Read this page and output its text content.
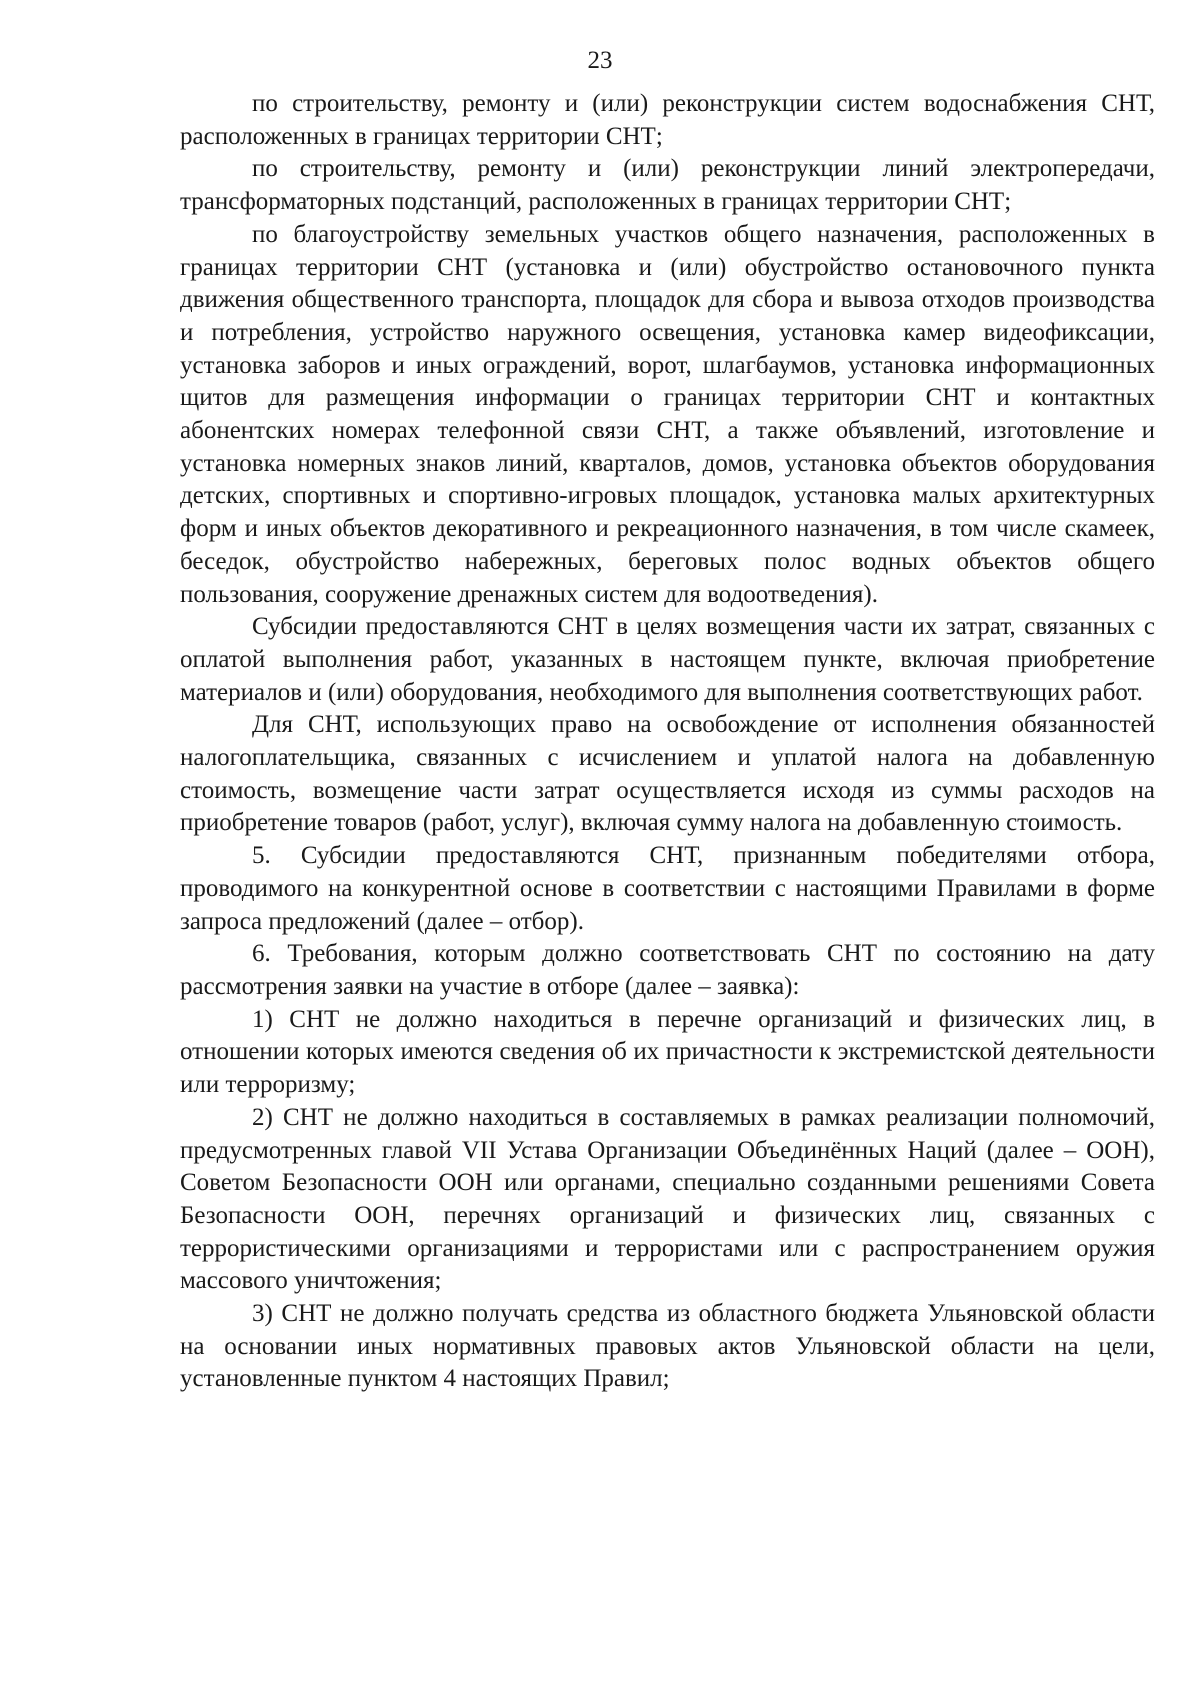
23

по строительству, ремонту и (или) реконструкции систем водоснабжения СНТ, расположенных в границах территории СНТ;

по строительству, ремонту и (или) реконструкции линий электропередачи, трансформаторных подстанций, расположенных в границах территории СНТ;

по благоустройству земельных участков общего назначения, расположенных в границах территории СНТ (установка и (или) обустройство остановочного пункта движения общественного транспорта, площадок для сбора и вывоза отходов производства и потребления, устройство наружного освещения, установка камер видеофиксации, установка заборов и иных ограждений, ворот, шлагбаумов, установка информационных щитов для размещения информации о границах территории СНТ и контактных абонентских номерах телефонной связи СНТ, а также объявлений, изготовление и установка номерных знаков линий, кварталов, домов, установка объектов оборудования детских, спортивных и спортивно-игровых площадок, установка малых архитектурных форм и иных объектов декоративного и рекреационного назначения, в том числе скамеек, беседок, обустройство набережных, береговых полос водных объектов общего пользования, сооружение дренажных систем для водоотведения).

Субсидии предоставляются СНТ в целях возмещения части их затрат, связанных с оплатой выполнения работ, указанных в настоящем пункте, включая приобретение материалов и (или) оборудования, необходимого для выполнения соответствующих работ.

Для СНТ, использующих право на освобождение от исполнения обязанностей налогоплательщика, связанных с исчислением и уплатой налога на добавленную стоимость, возмещение части затрат осуществляется исходя из суммы расходов на приобретение товаров (работ, услуг), включая сумму налога на добавленную стоимость.

5. Субсидии предоставляются СНТ, признанным победителями отбора, проводимого на конкурентной основе в соответствии с настоящими Правилами в форме запроса предложений (далее – отбор).

6. Требования, которым должно соответствовать СНТ по состоянию на дату рассмотрения заявки на участие в отборе (далее – заявка):

1) СНТ не должно находиться в перечне организаций и физических лиц, в отношении которых имеются сведения об их причастности к экстремистской деятельности или терроризму;

2) СНТ не должно находиться в составляемых в рамках реализации полномочий, предусмотренных главой VII Устава Организации Объединённых Наций (далее – ООН), Советом Безопасности ООН или органами, специально созданными решениями Совета Безопасности ООН, перечнях организаций и физических лиц, связанных с террористическими организациями и террористами или с распространением оружия массового уничтожения;

3) СНТ не должно получать средства из областного бюджета Ульяновской области на основании иных нормативных правовых актов Ульяновской области на цели, установленные пунктом 4 настоящих Правил;
